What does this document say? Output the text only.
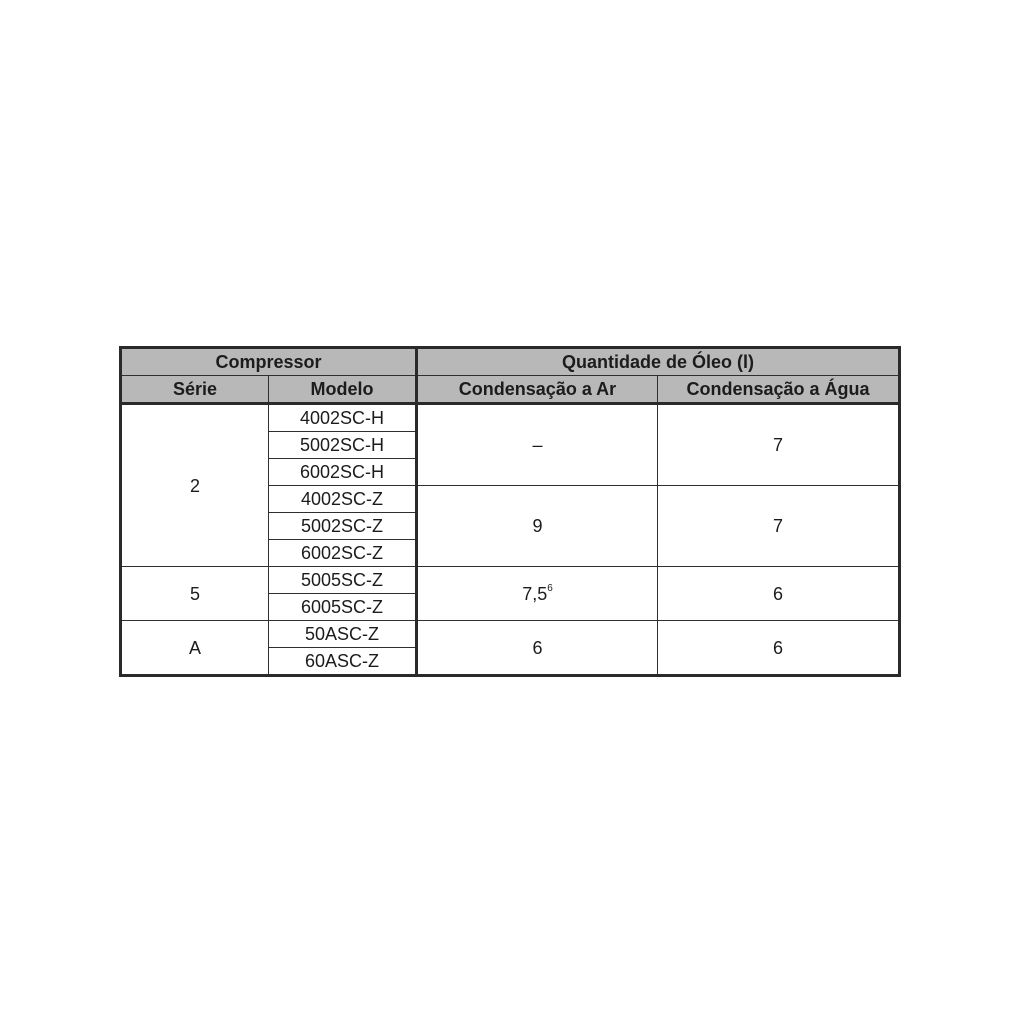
Compressor		Quantidade de Óleo (l)	
Série	Modelo	Condensação a Ar	Condensação a Água
2	4002SC-H	–	7
	5002SC-H		
	6002SC-H		
	4002SC-Z	9	7
	5002SC-Z		
	6002SC-Z		
5	5005SC-Z	$7,5^6$	6
	6005SC-Z		
A	50ASC-Z	6	6
	60ASC-Z		
